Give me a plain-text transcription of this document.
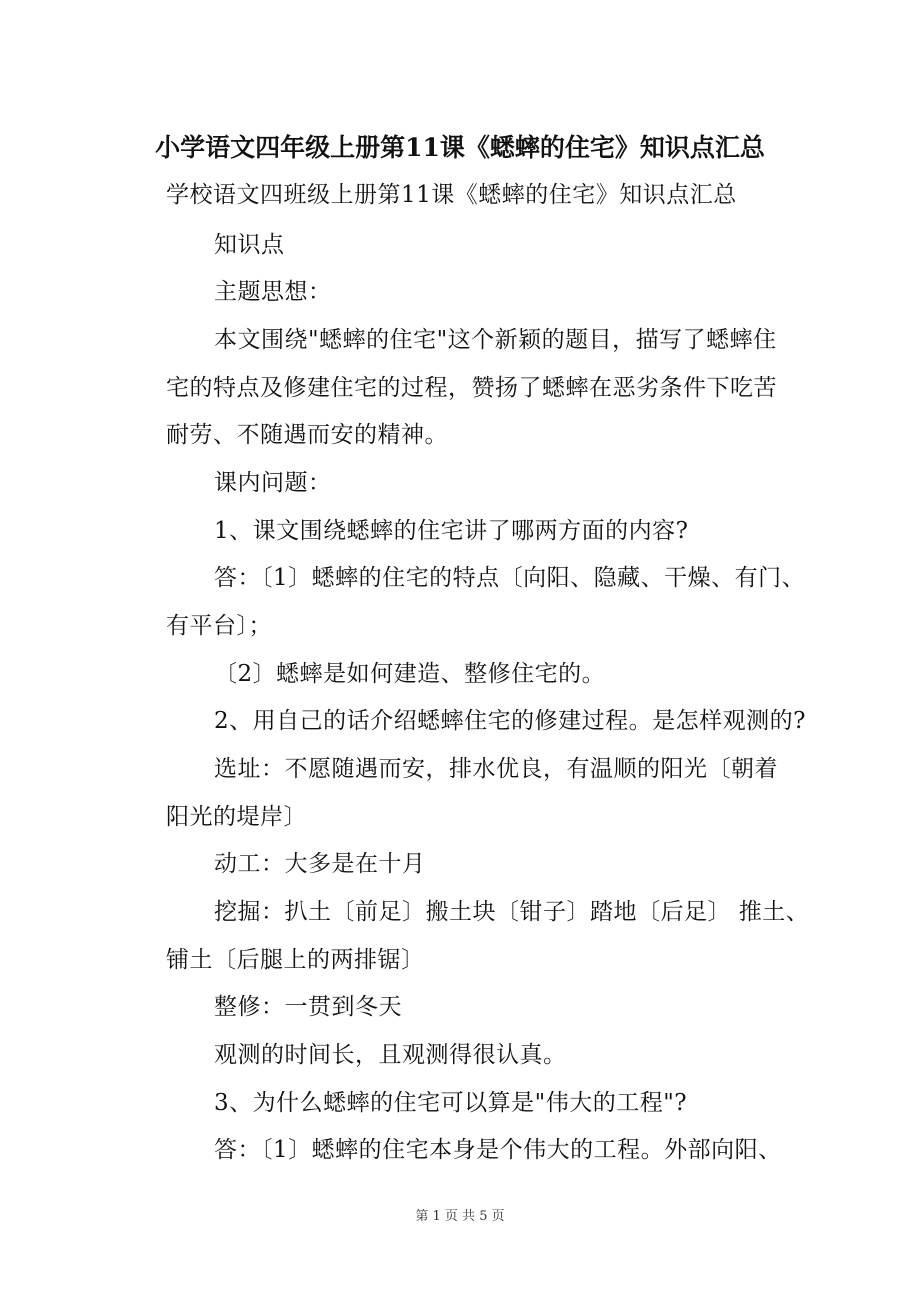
小学语文四年级上册第11课《蟋蟀的住宅》知识点汇总
学校语文四班级上册第11课《蟋蟀的住宅》知识点汇总
知识点
主题思想：
本文围绕"蟋蟀的住宅"这个新颖的题目，描写了蟋蟀住
宅的特点及修建住宅的过程，赞扬了蟋蟀在恶劣条件下吃苦
耐劳、不随遇而安的精神。
课内问题：
1、课文围绕蟋蟀的住宅讲了哪两方面的内容?
答：〔1〕蟋蟀的住宅的特点〔向阳、隐藏、干燥、有门、
有平台〕；
〔2〕蟋蟀是如何建造、整修住宅的。
2、用自己的话介绍蟋蟀住宅的修建过程。是怎样观测的?
选址：不愿随遇而安，排水优良，有温顺的阳光〔朝着
阳光的堤岸〕
动工：大多是在十月
挖掘：扒土〔前足〕搬土块〔钳子〕踏地〔后足〕 推土、
铺土〔后腿上的两排锯〕
整修：一贯到冬天
观测的时间长，且观测得很认真。
3、为什么蟋蟀的住宅可以算是"伟大的工程"?
答：〔1〕蟋蟀的住宅本身是个伟大的工程。外部向阳、
第 1 页 共 5 页
